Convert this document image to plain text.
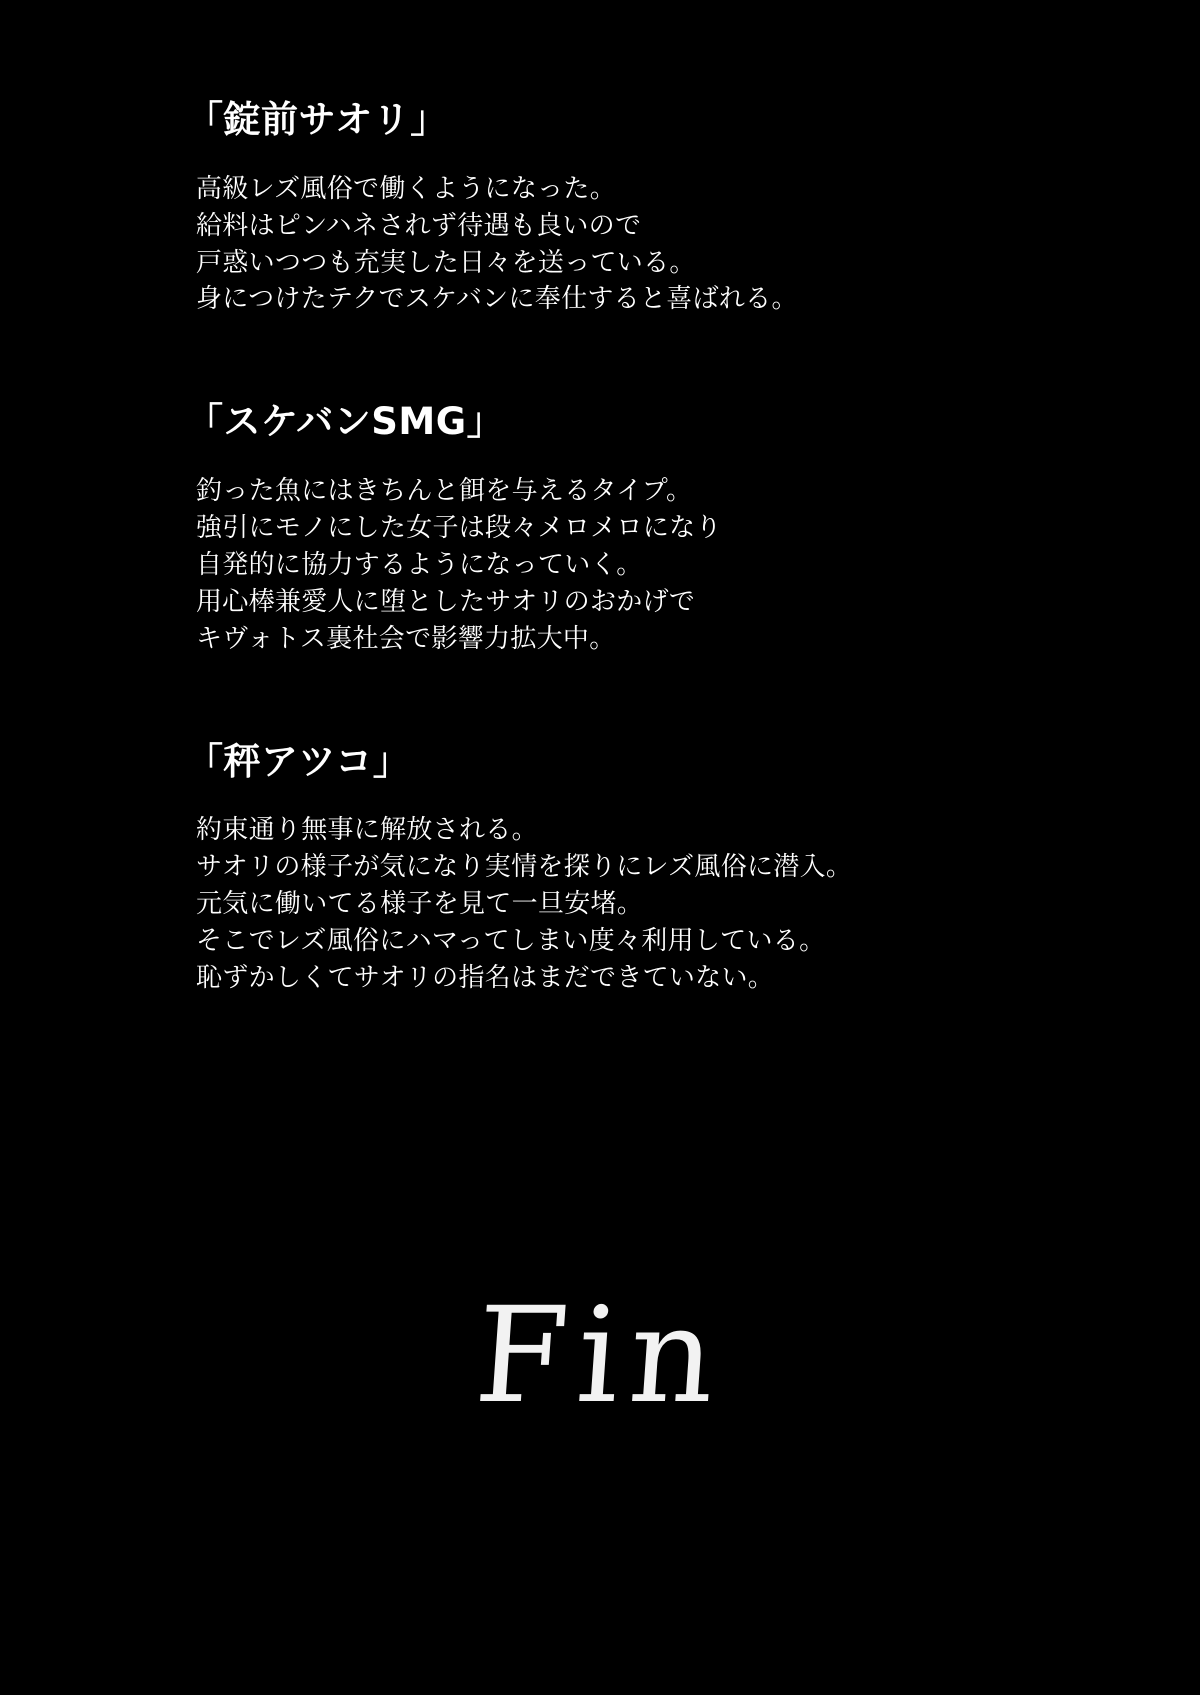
「錠前サオリ」
高級レズ風俗で働くようになった。
給料はピンハネされず待遇も良いので
戸惑いつつも充実した日々を送っている。
身につけたテクでスケバンに奉仕すると喜ばれる。
「スケバンSMG」
釣った魚にはきちんと餌を与えるタイプ。
強引にモノにした女子は段々メロメロになり
自発的に協力するようになっていく。
用心棒兼愛人に堕としたサオリのおかげで
キヴォトス裏社会で影響力拡大中。
「秤アツコ」
約束通り無事に解放される。
サオリの様子が気になり実情を探りにレズ風俗に潜入。
元気に働いてる様子を見て一旦安堵。
そこでレズ風俗にハマってしまい度々利用している。
恥ずかしくてサオリの指名はまだできていない。
Fin
